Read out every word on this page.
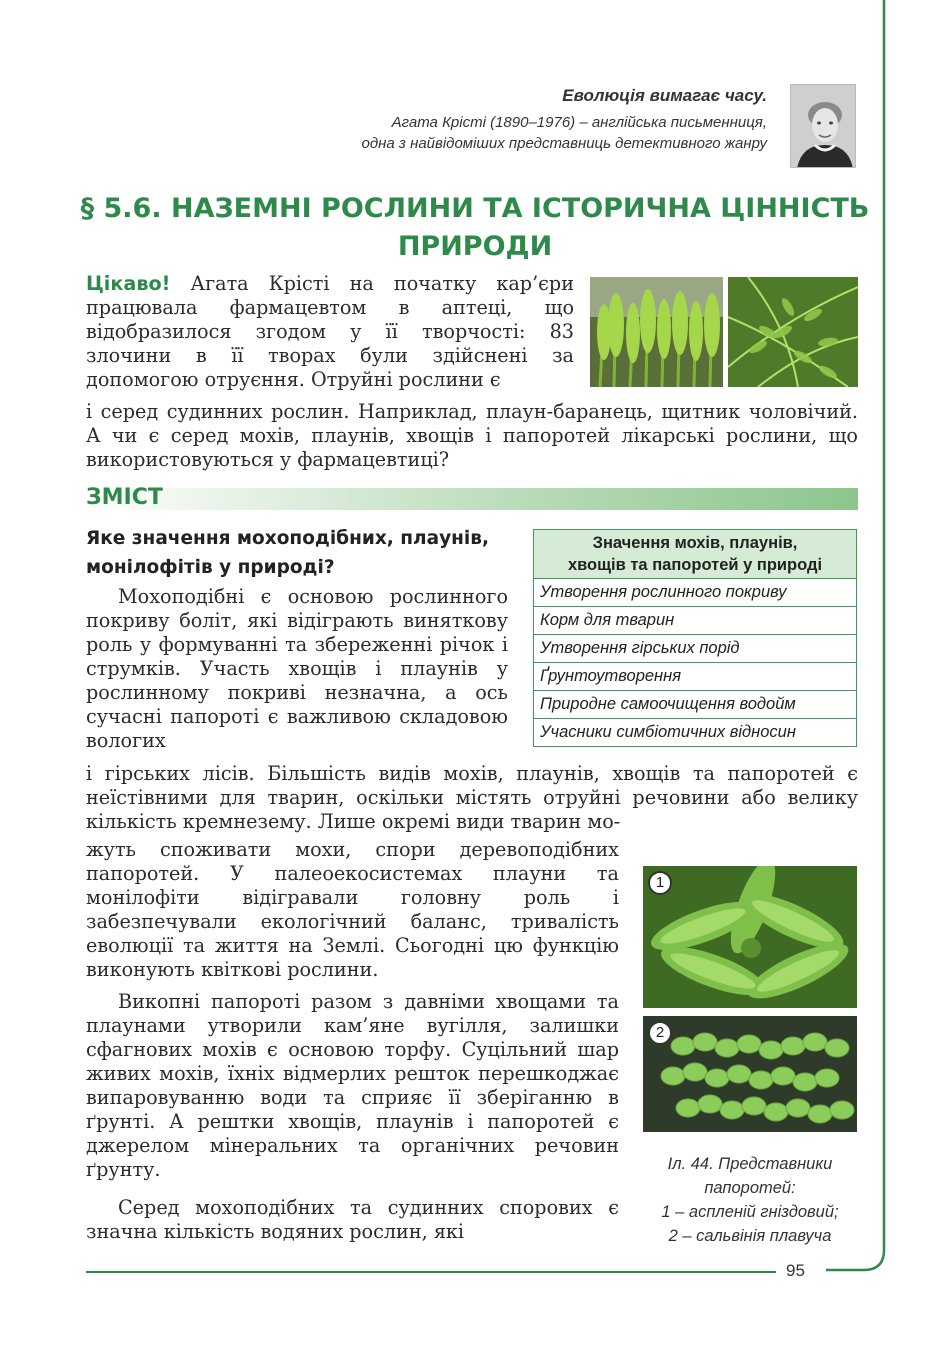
Еволюція вимагає часу.
Агата Крісті (1890–1976) – англійська письменниця,
одна з найвідоміших представниць детективного жанру
§ 5.6. НАЗЕМНІ РОСЛИНИ ТА ІСТОРИЧНА ЦІННІСТЬ
ПРИРОДИ

Цікаво! Агата Крісті на початку кар’єри працювала фармацевтом в аптеці, що відобразилося згодом у її творчості: 83 злочини в її творах були здійснені за допомогою отруєння. Отруйні рослини є

і серед судинних рослин. Наприклад, плаун-баранець, щитник чоловічий. А чи є серед мохів, плаунів, хвощів і папоротей лікарські рослини, що використовуються у фармацевтиці?

ЗМІСТ
Яке значення мохоподібних, плаунів, монілофітів у природі?
Значення мохів, плаунів,
хвощів та папоротей у природі

Утворення рослинного покриву
Корм для тварин
Утворення гірських порід
Ґрунтоутворення
Природне самоочищення водойм
Учасники симбіотичних відносин

Мохоподібні є основою рослинного покриву боліт, які відіграють виняткову роль у формуванні та збереженні річок і струмків. Участь хвощів і плаунів у рослинному покриві незначна, а ось сучасні папороті є важливою складовою вологих

і гірських лісів. Більшість видів мохів, плаунів, хвощів та папоротей є неїстівними для тварин, оскільки містять отруйні речовини або велику кількість кремнезему. Лише окремі види тварин мо-

жуть споживати мохи, спори деревоподібних папоротей. У палеоекосистемах плауни та монілофіти відігравали головну роль і забезпечували екологічний баланс, тривалість еволюції та життя на Землі. Сьогодні цю функцію виконують квіткові рослини.

Викопні папороті разом з давніми хвощами та плаунами утворили кам’яне вугілля, залишки сфагнових мохів є основою торфу. Суцільний шар живих мохів, їхніх відмерлих решток перешкоджає випаровуванню води та сприяє її зберіганню в ґрунті. А рештки хвощів, плаунів і папоротей є джерелом мінеральних та органічних речовин ґрунту.

Серед мохоподібних та судинних спорових є значна кількість водяних рослин, які

1
2
Іл. 44. Представники
папоротей:
1 – аспленій гніздовий;
2 – сальвінія плавуча
95
